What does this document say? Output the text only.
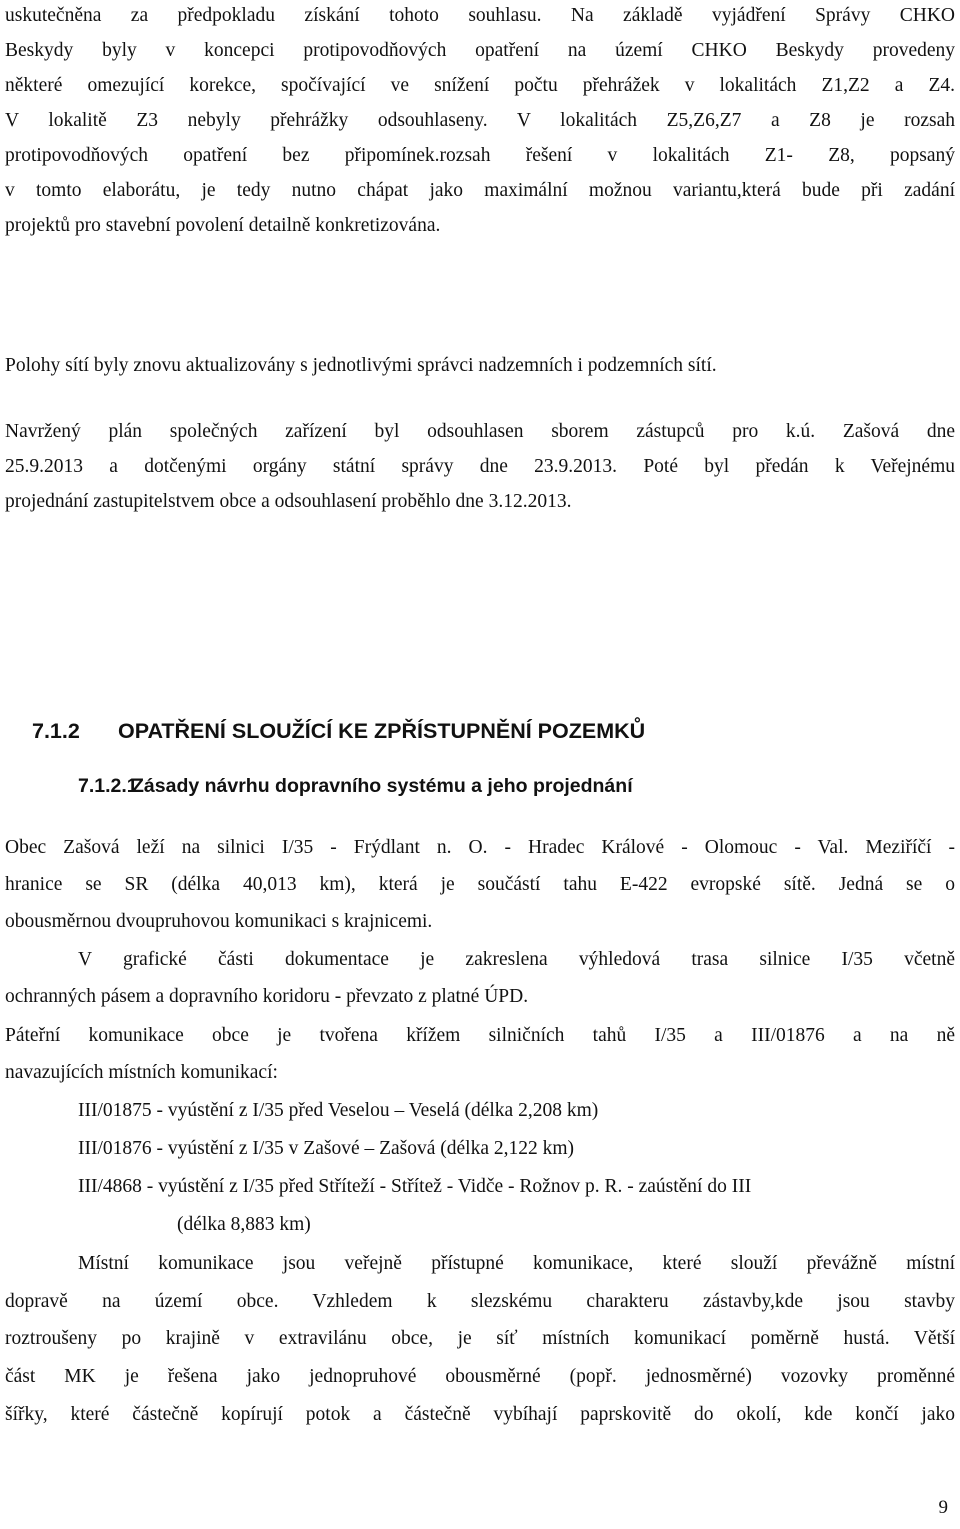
uskutečněna za předpokladu získání tohoto souhlasu. Na základě vyjádření Správy CHKO

Beskydy byly v koncepci protipovodňových opatření na území CHKO Beskydy provedeny

některé omezující korekce, spočívající ve snížení počtu přehrážek v lokalitách Z1,Z2 a Z4.

V lokalitě Z3 nebyly přehrážky odsouhlaseny. V lokalitách Z5,Z6,Z7 a Z8 je rozsah

protipovodňových opatření bez připomínek.rozsah řešení v lokalitách Z1- Z8, popsaný

v tomto elaborátu, je tedy nutno chápat jako maximální možnou variantu,která bude při zadání

projektů pro stavební povolení detailně konkretizována.

Polohy sítí byly znovu aktualizovány s jednotlivými správci nadzemních i podzemních sítí.

Navržený plán společných zařízení byl odsouhlasen sborem zástupců pro k.ú. Zašová dne

25.9.2013 a dotčenými orgány státní správy dne 23.9.2013. Poté byl předán k Veřejnému

projednání zastupitelstvem obce a odsouhlasení proběhlo dne 3.12.2013.

7.1.2 OPATŘENÍ SLOUŽÍCÍ KE ZPŘÍSTUPNĚNÍ POZEMKŮ
7.1.2.1Zásady návrhu dopravního systému a jeho projednání

Obec Zašová leží na silnici I/35 - Frýdlant n. O. - Hradec Králové - Olomouc - Val. Meziříčí -

hranice se SR (délka 40,013 km), která je součástí tahu E-422 evropské sítě. Jedná se o

obousměrnou dvoupruhovou komunikaci s krajnicemi.

V grafické části dokumentace je zakreslena výhledová trasa silnice I/35 včetně

ochranných pásem a dopravního koridoru - převzato z platné ÚPD.

Páteřní komunikace obce je tvořena křížem silničních tahů I/35 a III/01876 a na ně

navazujících místních komunikací:

III/01875 - vyústění z I/35 před Veselou – Veselá (délka 2,208 km)

III/01876 - vyústění z I/35 v Zašové – Zašová (délka 2,122 km)

III/4868 - vyústění z I/35 před Stříteží - Střítež - Vidče - Rožnov p. R. - zaústění do III

(délka 8,883 km)

Místní komunikace jsou veřejně přístupné komunikace, které slouží převážně místní

dopravě na území obce. Vzhledem k slezskému charakteru zástavby,kde jsou stavby

roztroušeny po krajině v extravilánu obce, je síť místních komunikací poměrně hustá. Větší

část MK je řešena jako jednopruhové obousměrné (popř. jednosměrné) vozovky proměnné

šířky, které částečně kopírují potok a částečně vybíhají paprskovitě do okolí, kde končí jako

9
